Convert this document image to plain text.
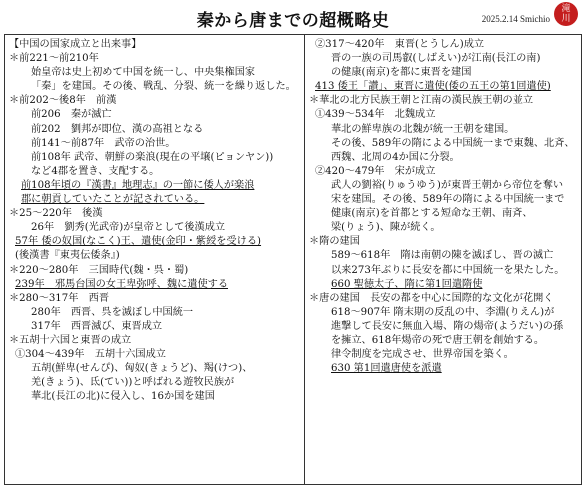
秦から唐までの超概略史	2025.2.14 Smichio
滝
川
【中国の国家成立と出来事】
＊前221～前210年
始皇帝は史上初めて中国を統一し、中央集権国家
「秦」を建国。その後、戦乱、分裂、統一を繰り返した。
＊前202～後8年　前漢
前206　秦が滅亡
前202　劉邦が即位、漢の高祖となる
前141～前87年　武帝の治世。
前108年 武帝、朝鮮の楽浪(現在の平壌(ピョンヤン))
など4郡を置き、支配する。
前108年頃の『漢書』地理志』の一節に倭人が楽浪
郡に朝貢していたことが記されている。
＊25～220年　後漢
26年　劉秀(光武帝)が皇帝として後漢成立
57年 倭の奴国(なこく)王、遣使(金印・紫綬を受ける)
(後漢書『東夷伝倭条』)
＊220～280年　三国時代(魏・呉・蜀)
239年　邪馬台国の女王卑弥呼、魏に遣使する
＊280～317年　西晋
280年　西晋、呉を滅ぼし中国統一
317年　西晋滅び、東晋成立
＊五胡十六国と東晋の成立
①304～439年　五胡十六国成立
五胡(鮮卑(せんぴ)、匈奴(きょうど)、羯(けつ)、
羌(きょう)、氐(てい))と呼ばれる遊牧民族が
華北(長江の北)に侵入し、16か国を建国
②317～420年　東晋(とうしん)成立
晋の一族の司馬叡(しばえい)が江南(長江の南)
の健康(南京)を都に東晋を建国
413 倭王「讃」、東晋に遣使(倭の五王の第1回遣使)
＊華北の北方民族王朝と江南の漢民族王朝の並立
①439～534年　北魏成立
華北の鮮卑族の北魏が統一王朝を建国。
その後、589年の隋による中国統一まで東魏、北斉、
西魏、北周の4か国に分裂。
②420～479年　宋が成立
武人の劉裕(りゅうゆう)が東晋王朝から帝位を奪い
宋を建国。その後、589年の隋による中国統一まで
健康(南京)を首都とする短命な王朝、南斉、
梁(りょう)、陳が続く。
＊隋の建国
589～618年　隋は南朝の陳を滅ぼし、晋の滅亡
以来273年ぶりに長安を都に中国統一を果たした。
660 聖徳太子、隋に第1回遣隋使
＊唐の建国　長安の都を中心に国際的な文化が花開く
618～907年 隋末期の反乱の中、李淵(りえん)が
進撃して長安に無血入場、隋の煬帝(ようだい)の孫
を擁立、618年煬帝の死で唐王朝を創始する。
律令制度を完成させ、世界帝国を築く。
630 第1回遣唐使を派遣
